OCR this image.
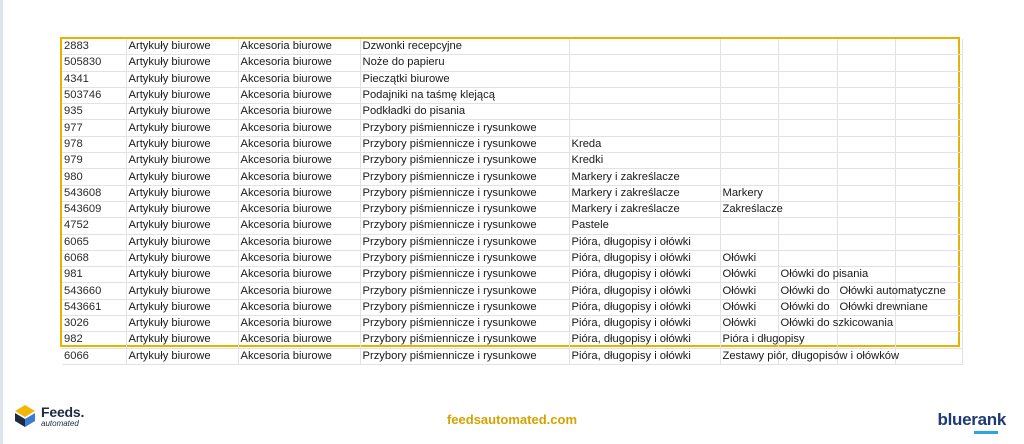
2883	Artykuły biurowe	Akcesoria biurowe	Dzwonki recepcyjne					
505830	Artykuły biurowe	Akcesoria biurowe	Noże do papieru					
4341	Artykuły biurowe	Akcesoria biurowe	Pieczątki biurowe					
503746	Artykuły biurowe	Akcesoria biurowe	Podajniki na taśmę klejącą					
935	Artykuły biurowe	Akcesoria biurowe	Podkładki do pisania					
977	Artykuły biurowe	Akcesoria biurowe	Przybory piśmiennicze i rysunkowe					
978	Artykuły biurowe	Akcesoria biurowe	Przybory piśmiennicze i rysunkowe	Kreda				
979	Artykuły biurowe	Akcesoria biurowe	Przybory piśmiennicze i rysunkowe	Kredki				
980	Artykuły biurowe	Akcesoria biurowe	Przybory piśmiennicze i rysunkowe	Markery i zakreślacze				
543608	Artykuły biurowe	Akcesoria biurowe	Przybory piśmiennicze i rysunkowe	Markery i zakreślacze	Markery			
543609	Artykuły biurowe	Akcesoria biurowe	Przybory piśmiennicze i rysunkowe	Markery i zakreślacze	Zakreślacze			
4752	Artykuły biurowe	Akcesoria biurowe	Przybory piśmiennicze i rysunkowe	Pastele				
6065	Artykuły biurowe	Akcesoria biurowe	Przybory piśmiennicze i rysunkowe	Pióra, długopisy i ołówki				
6068	Artykuły biurowe	Akcesoria biurowe	Przybory piśmiennicze i rysunkowe	Pióra, długopisy i ołówki	Ołówki			
981	Artykuły biurowe	Akcesoria biurowe	Przybory piśmiennicze i rysunkowe	Pióra, długopisy i ołówki	Ołówki	Ołówki do pisania		
543660	Artykuły biurowe	Akcesoria biurowe	Przybory piśmiennicze i rysunkowe	Pióra, długopisy i ołówki	Ołówki	Ołówki do	Ołówki automatyczne	
543661	Artykuły biurowe	Akcesoria biurowe	Przybory piśmiennicze i rysunkowe	Pióra, długopisy i ołówki	Ołówki	Ołówki do	Ołówki drewniane	
3026	Artykuły biurowe	Akcesoria biurowe	Przybory piśmiennicze i rysunkowe	Pióra, długopisy i ołówki	Ołówki	Ołówki do szkicowania		
982	Artykuły biurowe	Akcesoria biurowe	Przybory piśmiennicze i rysunkowe	Pióra, długopisy i ołówki	Pióra i długopisy			
6066	Artykuły biurowe	Akcesoria biurowe	Przybory piśmiennicze i rysunkowe	Pióra, długopisy i ołówki	Zestawy piór, długopisów i ołówków			
Feeds.
automated	feedsautomated.com	bluerank
